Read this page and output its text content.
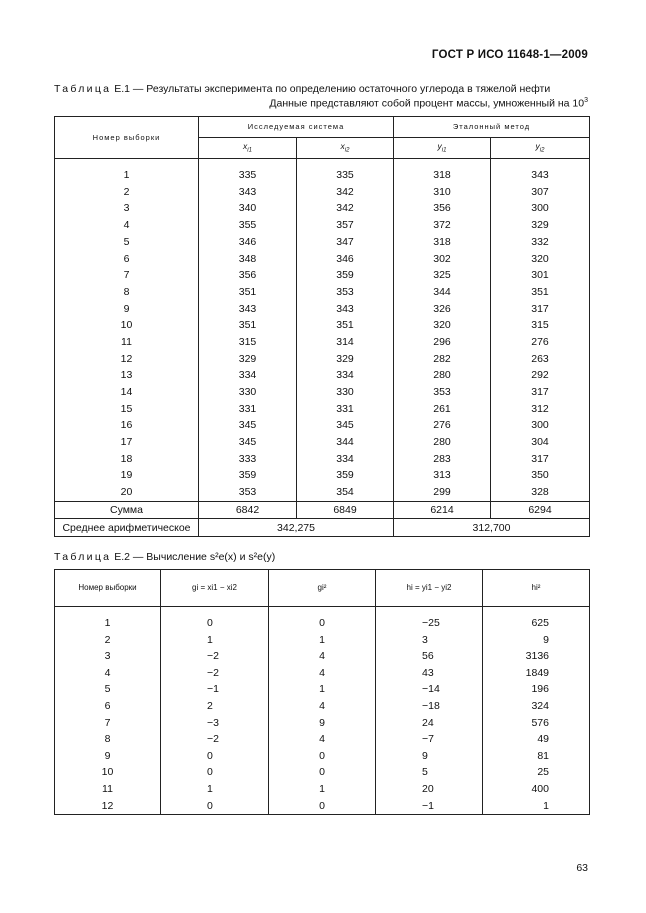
ГОСТ Р ИСО 11648-1—2009
Таблица Е.1 — Результаты эксперимента по определению остаточного углерода в тяжелой нефти
Данные представляют собой процент массы, умноженный на $10^3$
Номер выборки	Исследуемая система		Эталонный метод	
	$x_{i1}$	$x_{i2}$	$y_{i1}$	$y_{i2}$

1	335	335	318	343
2	343	342	310	307
3	340	342	356	300
4	355	357	372	329
5	346	347	318	332
6	348	346	302	320
7	356	359	325	301
8	351	353	344	351
9	343	343	326	317
10	351	351	320	315
11	315	314	296	276
12	329	329	282	263
13	334	334	280	292
14	330	330	353	317
15	331	331	261	312
16	345	345	276	300
17	345	344	280	304
18	333	334	283	317
19	359	359	313	350
20	353	354	299	328
Сумма	6842	6849	6214	6294
Среднее арифметическое	342,275		312,700	
Таблица Е.2 — Вычисление s²e(x) и s²e(y)
Номер выборки	gi = xi1 − xi2	gi²	hi = yi1 − yi2	hi²

1	0	0	−25	625
2	1	1	3	9
3	−2	4	56	3136
4	−2	4	43	1849
5	−1	1	−14	196
6	2	4	−18	324
7	−3	9	24	576
8	−2	4	−7	49
9	0	0	9	81
10	0	0	5	25
11	1	1	20	400
12	0	0	−1	1
63
